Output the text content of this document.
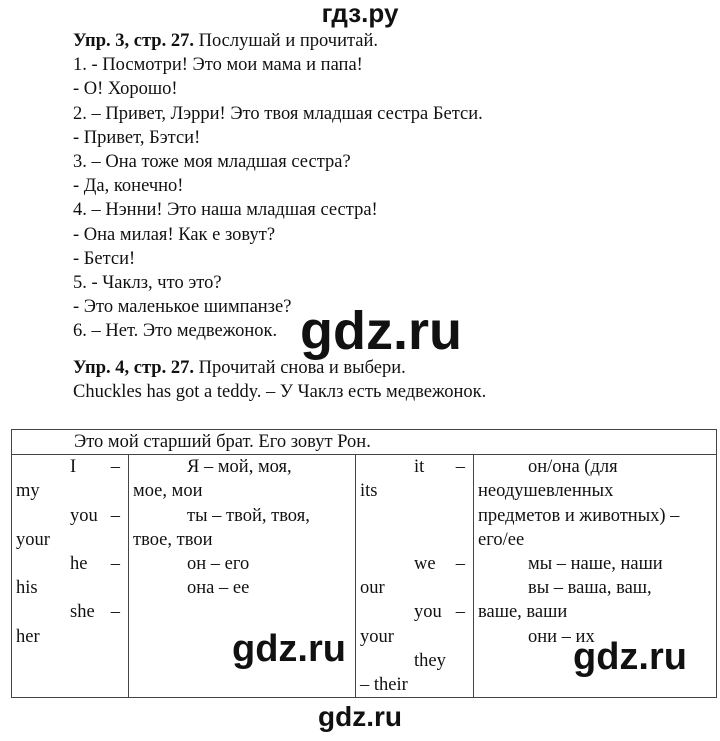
гдз.ру
Упр. 3, стр. 27. Послушай и прочитай.
1. - Посмотри! Это мои мама и папа!
- О! Хорошо!
2. – Привет, Лэрри! Это твоя младшая сестра Бетси.
- Привет, Бэтси!
3. – Она тоже моя младшая сестра?
- Да, конечно!
4. – Нэнни! Это наша младшая сестра!
- Она милая! Как е зовут?
- Бетси!
5. - Чаклз, что это?
- Это маленькое шимпанзе?
6. – Нет. Это медвежонок. gdz.ru
Упр. 4, стр. 27. Прочитай снова и выбери.
Chuckles has got a teddy. – У Чаклз есть медвежонок.
Это мой старший брат. Его зовут Рон.

I –
my
you –
your
he –
his
she –
her

Я – мой, моя,
мое, мои
ты – твой, твоя,
твое, твои
он – его
она – ее

it –
its

we –
our
you –
your
they
– their

он/она (для
неодушевленных
предметов и животных) –
его/ее
мы – наше, наши
вы – ваша, ваш,
ваше, ваши
они – их
gdz.ru	gdz.ru
gdz.ru
